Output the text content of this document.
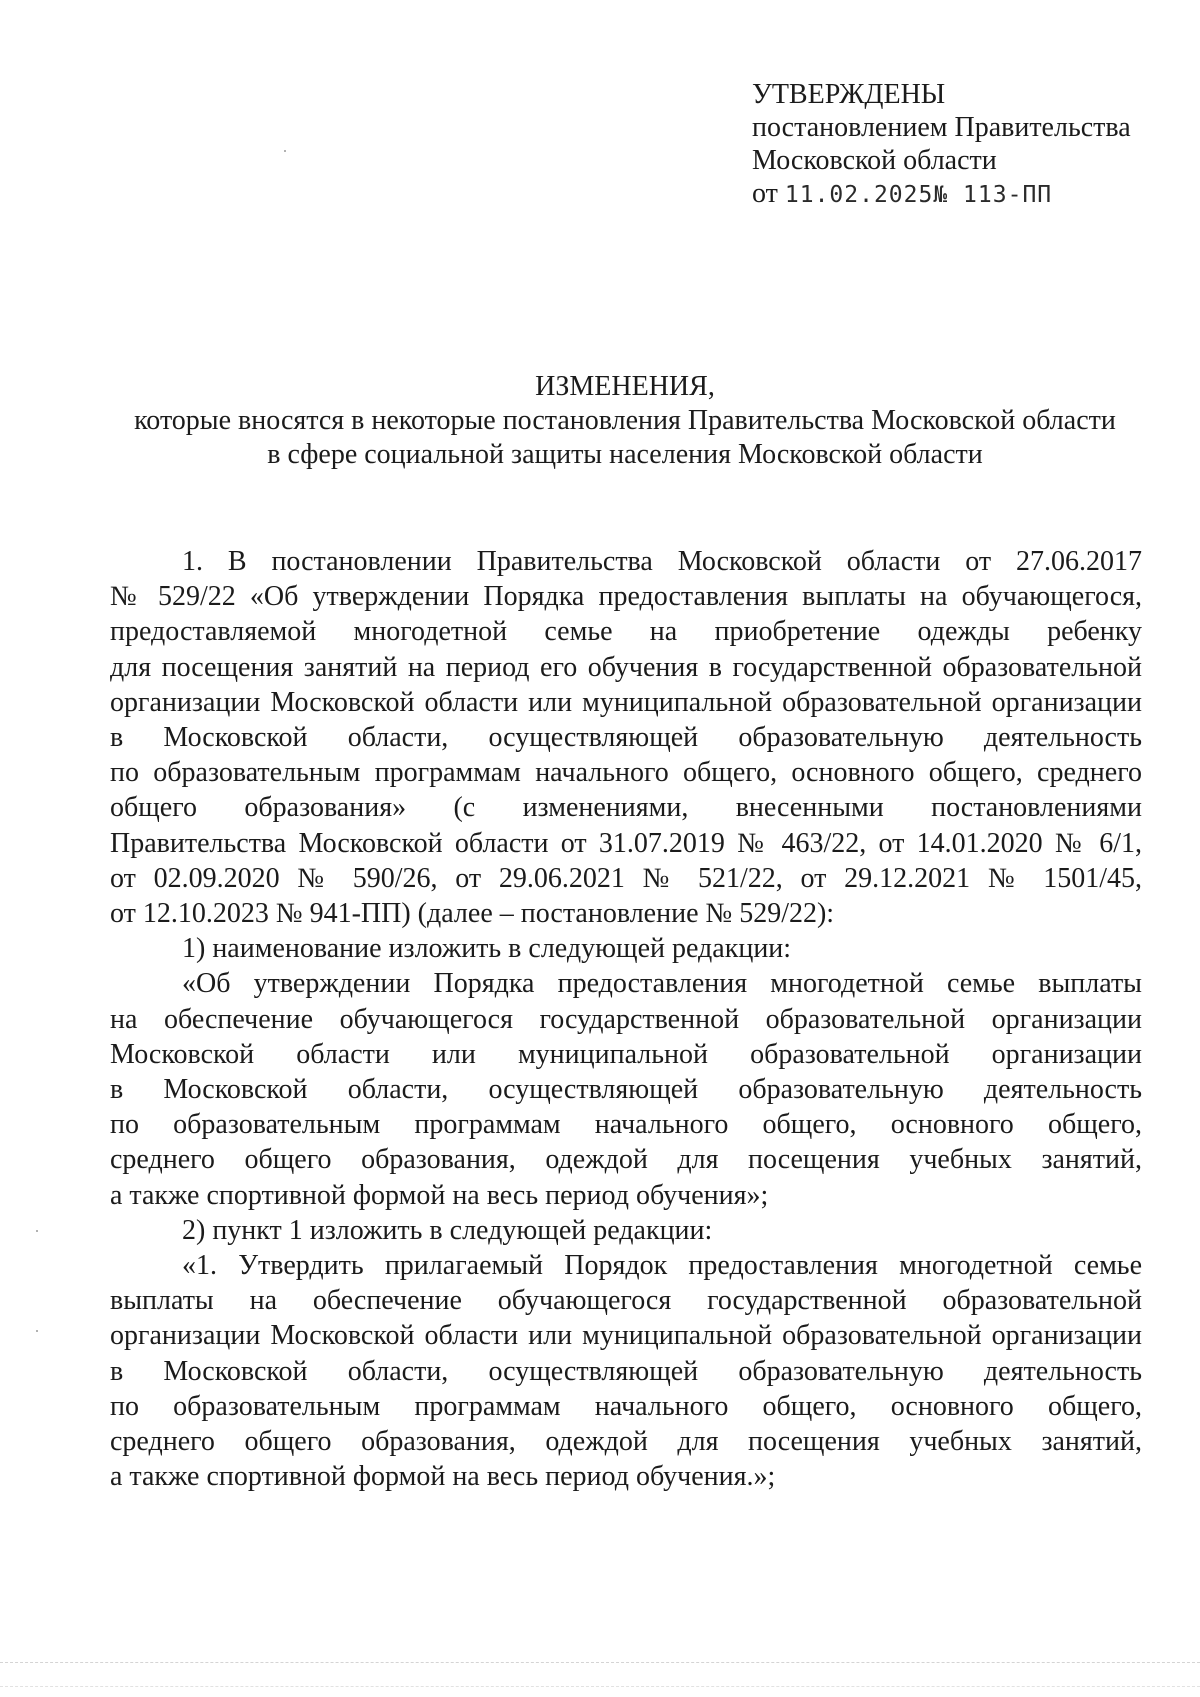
УТВЕРЖДЕНЫ
постановлением Правительства
Московской области
от 11.02.2025№ 113-ПП
ИЗМЕНЕНИЯ,
которые вносятся в некоторые постановления Правительства Московской области
в сфере социальной защиты населения Московской области
1. В постановлении Правительства Московской области от 27.06.2017
№ 529/22 «Об утверждении Порядка предоставления выплаты на обучающегося,
предоставляемой многодетной семье на приобретение одежды ребенку
для посещения занятий на период его обучения в государственной образовательной
организации Московской области или муниципальной образовательной организации
в Московской области, осуществляющей образовательную деятельность
по образовательным программам начального общего, основного общего, среднего
общего образования» (с изменениями, внесенными постановлениями
Правительства Московской области от 31.07.2019 № 463/22, от 14.01.2020 № 6/1,
от 02.09.2020 № 590/26, от 29.06.2021 № 521/22, от 29.12.2021 № 1501/45,
от 12.10.2023 № 941-ПП) (далее – постановление № 529/22):
1) наименование изложить в следующей редакции:
«Об утверждении Порядка предоставления многодетной семье выплаты
на обеспечение обучающегося государственной образовательной организации
Московской области или муниципальной образовательной организации
в Московской области, осуществляющей образовательную деятельность
по образовательным программам начального общего, основного общего,
среднего общего образования, одеждой для посещения учебных занятий,
а также спортивной формой на весь период обучения»;
2) пункт 1 изложить в следующей редакции:
«1. Утвердить прилагаемый Порядок предоставления многодетной семье
выплаты на обеспечение обучающегося государственной образовательной
организации Московской области или муниципальной образовательной организации
в Московской области, осуществляющей образовательную деятельность
по образовательным программам начального общего, основного общего,
среднего общего образования, одеждой для посещения учебных занятий,
а также спортивной формой на весь период обучения.»;
